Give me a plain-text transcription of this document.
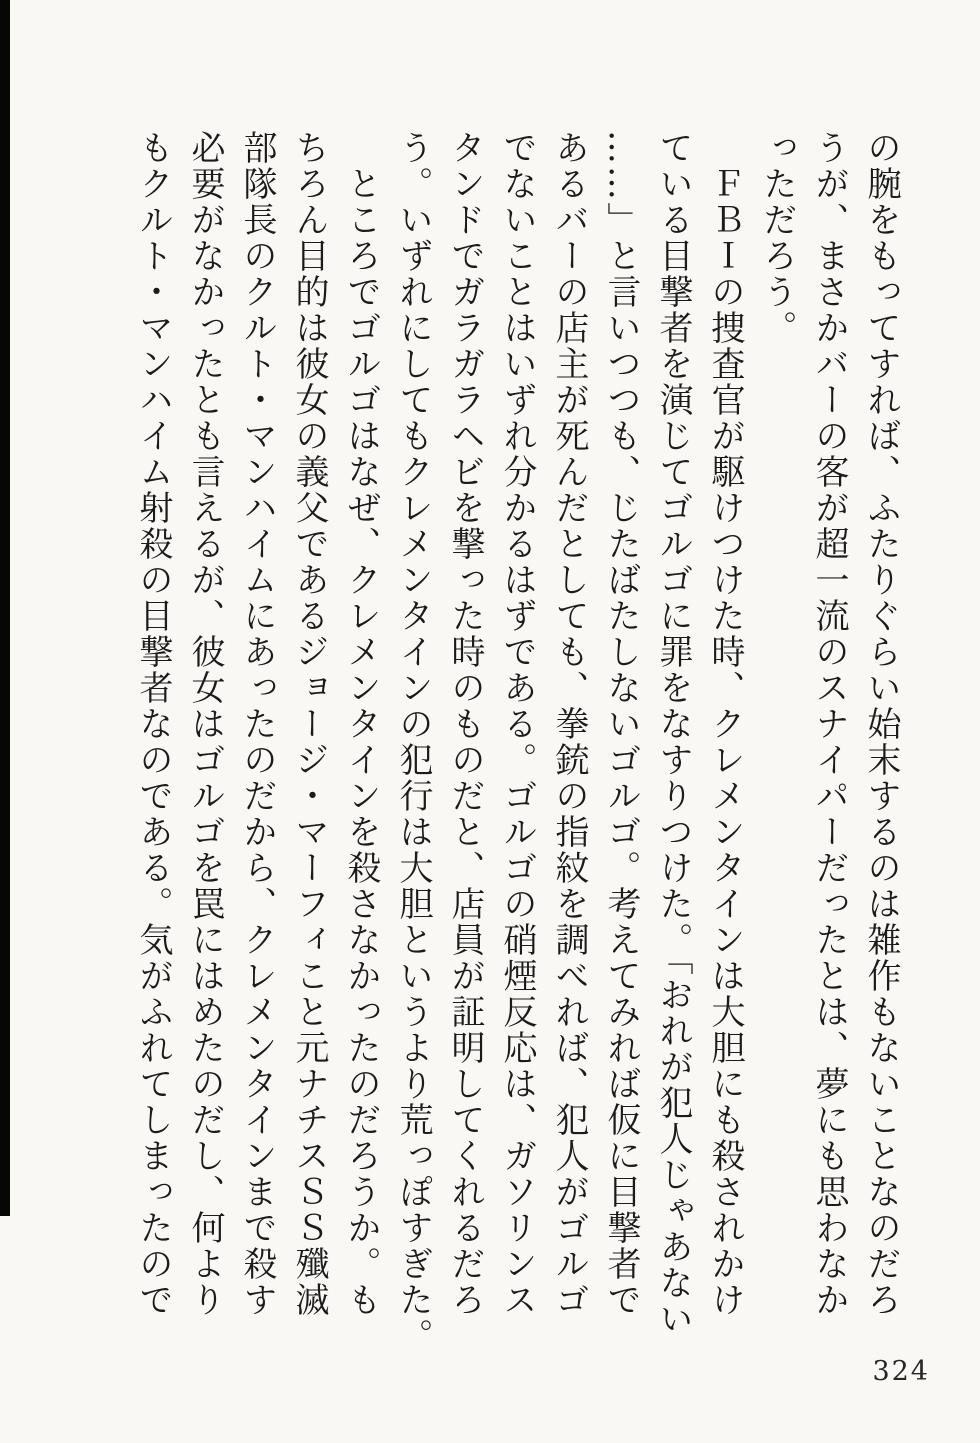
の腕をもってすれば、ふたりぐらい始末するのは雑作もないことなのだろ

うが、まさかバーの客が超一流のスナイパーだったとは、夢にも思わなか

っただろう。

　ＦＢＩの捜査官が駆けつけた時、クレメンタインは大胆にも殺されかけ

ている目撃者を演じてゴルゴに罪をなすりつけた。「おれが犯人じゃあない

……」と言いつつも、じたばたしないゴルゴ。考えてみれば仮に目撃者で

あるバーの店主が死んだとしても、拳銃の指紋を調べれば、犯人がゴルゴ

でないことはいずれ分かるはずである。ゴルゴの硝煙反応は、ガソリンス

タンドでガラガラヘビを撃った時のものだと、店員が証明してくれるだろ

う。いずれにしてもクレメンタインの犯行は大胆というより荒っぽすぎた。

　ところでゴルゴはなぜ、クレメンタインを殺さなかったのだろうか。も

ちろん目的は彼女の義父であるジョージ・マーフィこと元ナチスＳＳ殲滅

部隊長のクルト・マンハイムにあったのだから、クレメンタインまで殺す

必要がなかったとも言えるが、彼女はゴルゴを罠にはめたのだし、何より

もクルト・マンハイム射殺の目撃者なのである。気がふれてしまったので

324
